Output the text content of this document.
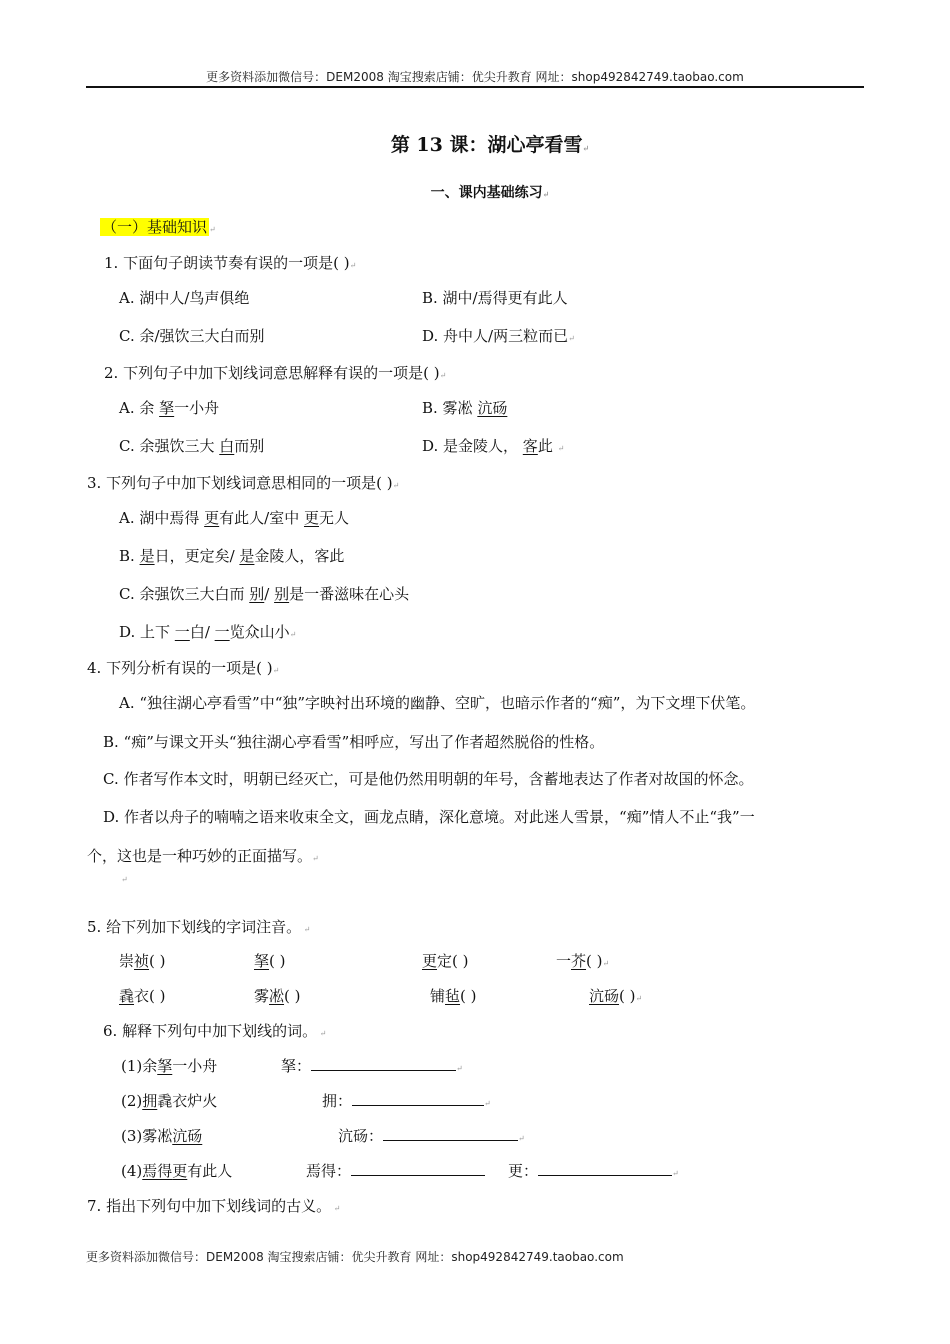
更多资料添加微信号：DEM2008 淘宝搜索店铺：优尖升教育 网址：shop492842749.taobao.com
第 13 课：湖心亭看雪↵
一、课内基础练习↵
（一）基础知识 ↵
1. 下面句子朗读节奏有误的一项是( )↵
A. 湖中人/鸟声俱绝	B. 湖中/焉得更有此人
C. 余/强饮三大白而别	D. 舟中人/两三粒而已↵
2. 下列句子中加下划线词意思解释有误的一项是( )↵
A. 余 拏一小舟	B. 雾凇 沆砀
C. 余强饮三大 白而别	D. 是金陵人， 客此 ↵
3. 下列句子中加下划线词意思相同的一项是( )↵
A. 湖中焉得 更有此人/室中 更无人
B. 是日，更定矣/ 是金陵人，客此
C. 余强饮三大白而 别/ 别是一番滋味在心头
D. 上下 一白/ 一览众山小↵
4. 下列分析有误的一项是( )↵
A. “独往湖心亭看雪”中“独”字映衬出环境的幽静、空旷，也暗示作者的“痴”，为下文埋下伏笔。
B. “痴”与课文开头“独往湖心亭看雪”相呼应，写出了作者超然脱俗的性格。
C. 作者写作本文时，明朝已经灭亡，可是他仍然用明朝的年号，含蓄地表达了作者对故国的怀念。
D. 作者以舟子的喃喃之语来收束全文，画龙点睛，深化意境。对此迷人雪景，“痴”情人不止“我”一
个，这也是一种巧妙的正面描写。↵
↵
5. 给下列加下划线的字词注音。 ↵
崇祯( )	拏( )	更定( )	一芥( )↵
毳衣( )	雾凇( )	铺毡( )	沆砀( )↵
6. 解释下列句中加下划线的词。 ↵
(1)余拏一小舟	拏：	↵
(2)拥毳衣炉火	拥：	↵
(3)雾凇沆砀	沆砀：	↵
(4)焉得更有此人	焉得：	更：	↵
7. 指出下列句中加下划线词的古义。 ↵
更多资料添加微信号：DEM2008 淘宝搜索店铺：优尖升教育 网址：shop492842749.taobao.com
